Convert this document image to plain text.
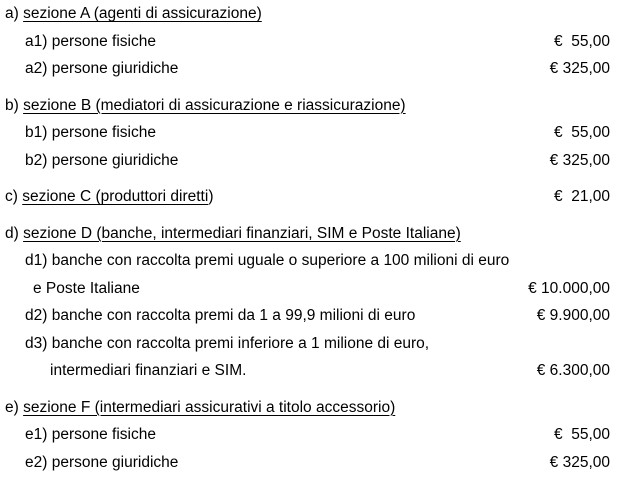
a) sezione A (agenti di assicurazione)
a1) persone fisiche	€  55,00
a2) persone giuridiche	€ 325,00
b) sezione B (mediatori di assicurazione e riassicurazione)
b1) persone fisiche	€  55,00
b2) persone giuridiche	€ 325,00
c) sezione C (produttori diretti)	€  21,00
d) sezione D (banche, intermediari finanziari, SIM e Poste Italiane)
d1) banche con raccolta premi uguale o superiore a 100 milioni di euro
e Poste Italiane	€ 10.000,00
d2) banche con raccolta premi da 1 a 99,9 milioni di euro	€ 9.900,00
d3) banche con raccolta premi inferiore a 1 milione di euro,
intermediari finanziari e SIM.	€ 6.300,00
e) sezione F (intermediari assicurativi a titolo accessorio)
e1) persone fisiche	€  55,00
e2) persone giuridiche	€ 325,00
